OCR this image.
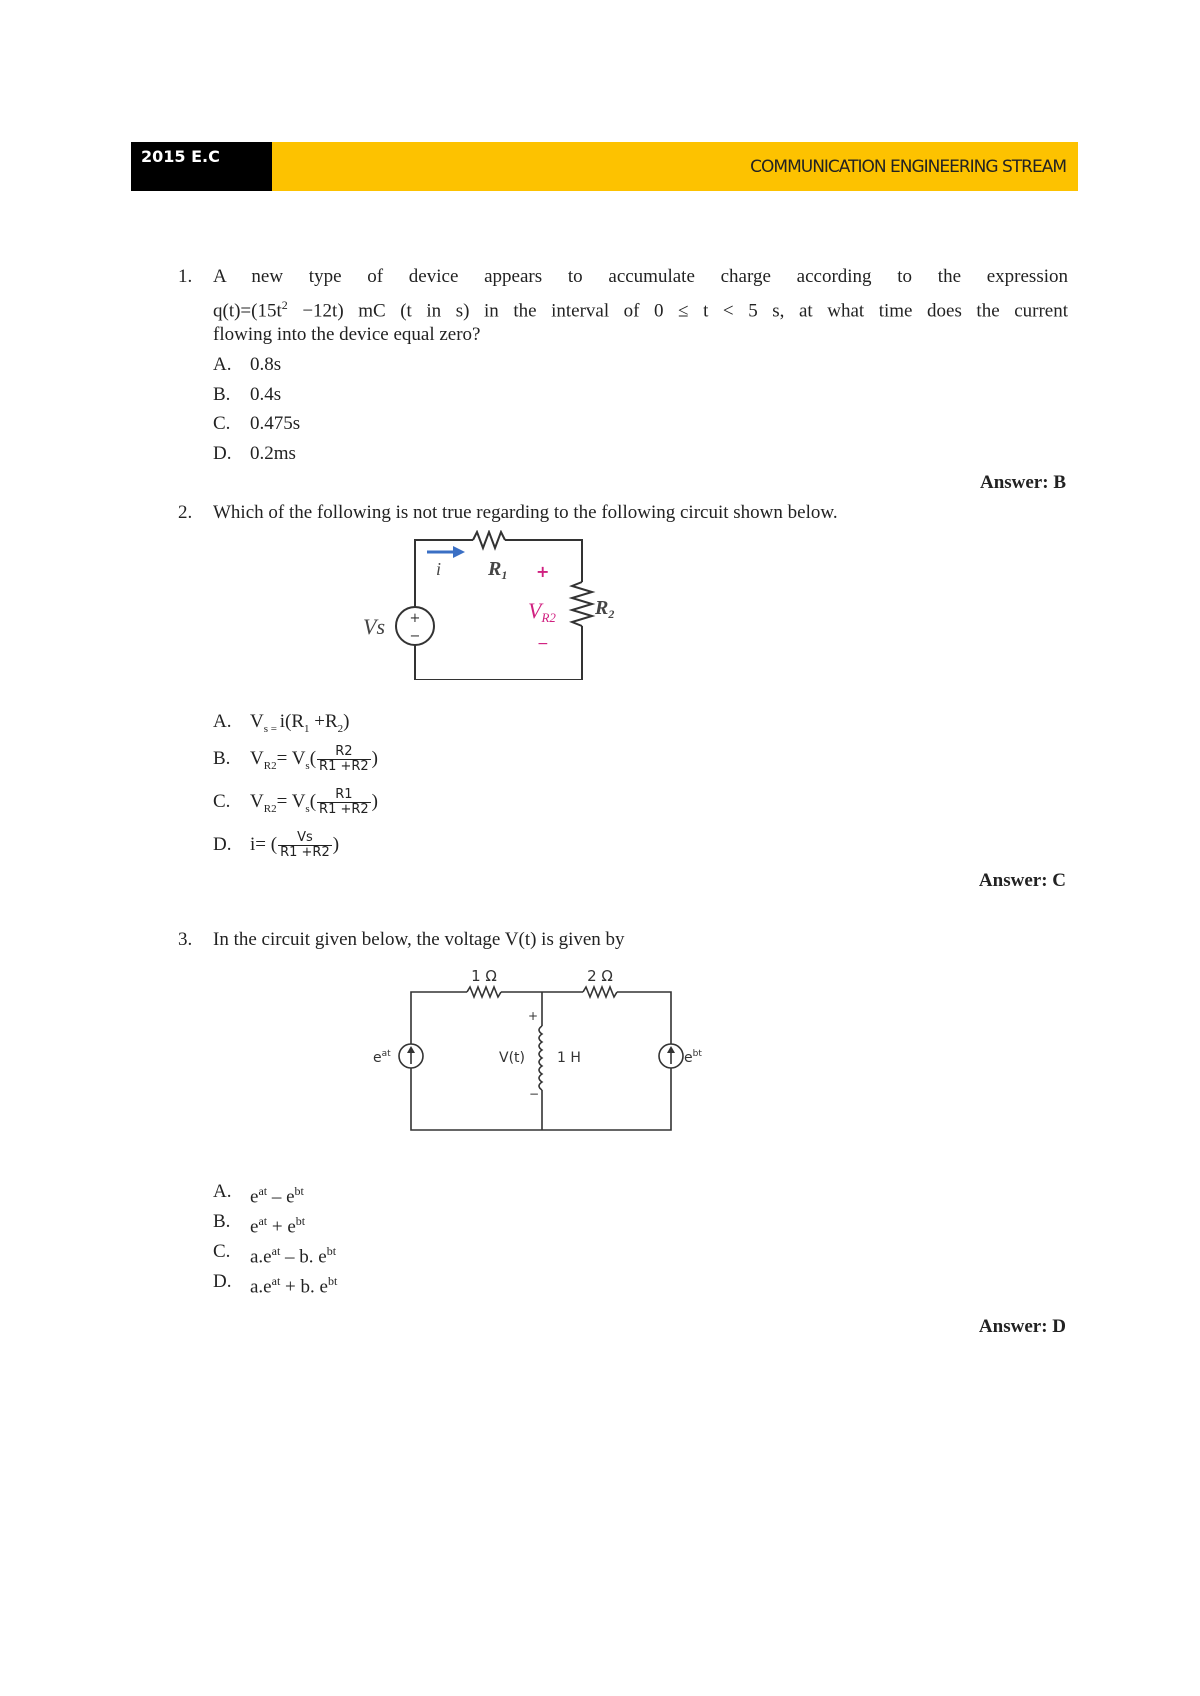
2015 E.C
COMMUNICATION ENGINEERING STREAM
1. A new type of device appears to accumulate charge according to the expression
$q(t)=(15t^2 -12t)$ mC (t in s) in the interval of 0 ≤ t < 5 s, at what time does the current
flowing into the device equal zero?
A. 0.8s
B. 0.4s
C. 0.475s
D. 0.2ms
Answer: B
2. Which of the following is not true regarding to the following circuit shown below.
+
−
Vs
i $R_1$
$R_2$
+
VR2
−
A. $V_{s =}$ $i(R_1 +R_2)$
B. $V_{R2}= V_s( \frac{R2}{R1 +R2}$ )
C. $V_{R2}= V_s( \frac{R1}{R1 +R2}$ )
D. i= ( $\frac{Vs}{R1 +R2}$ )
Answer: C
3. In the circuit given below, the voltage V(t) is given by
1 Ω	2 Ω
$e^{at}$	$e^{bt}$
V(t) 1 H
+
−
A. $e^{at} - e^{bt}$
B. $e^{at} + e^{bt}$
C. $a.e^{at}$ – b. $e^{bt}$
D. $a.e^{at} + b$. $e^{bt}$
Answer: D
